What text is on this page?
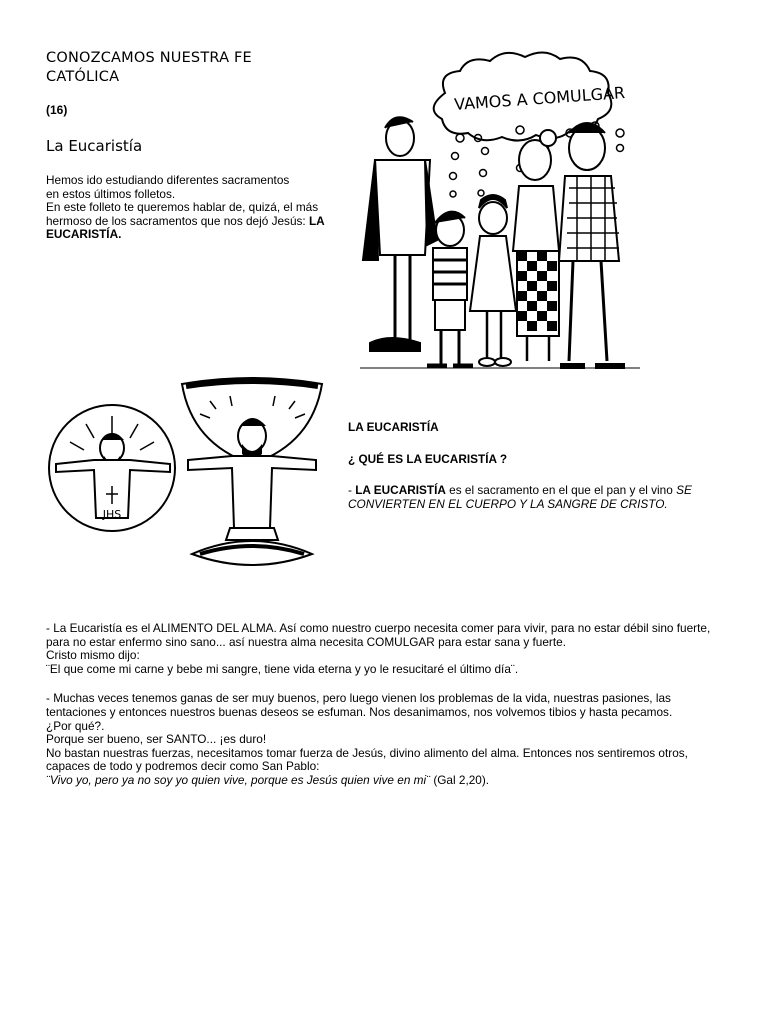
CONOZCAMOS NUESTRA FE
CATÓLICA
(16)
La Eucaristía

Hemos ido estudiando diferentes sacramentos

en estos últimos folletos.

En este folleto te queremos hablar de, quizá, el más hermoso de los sacramentos que nos dejó Jesús: LA EUCARISTÍA.

VAMOS A COMULGAR
JHS

LA EUCARISTÍA

¿ QUÉ ES LA EUCARISTÍA ?

- LA EUCARISTÍA es el sacramento en el que el pan y el vino SE CONVIERTEN EN EL CUERPO Y LA SANGRE DE CRISTO.

- La Eucaristía es el ALIMENTO DEL ALMA. Así como nuestro cuerpo necesita comer para vivir, para no estar débil sino fuerte, para no estar enfermo sino sano... así nuestra alma necesita COMULGAR para estar sana y fuerte.

Cristo mismo dijo:

¨El que come mi carne y bebe mi sangre, tiene vida eterna y yo le resucitaré el último día¨.

- Muchas veces tenemos ganas de ser muy buenos, pero luego vienen los problemas de la vida, nuestras pasiones, las tentaciones y entonces nuestros buenas deseos se esfuman. Nos desanimamos, nos volvemos tibios y hasta pecamos.

¿Por qué?.

Porque ser bueno, ser SANTO... ¡es duro!

No bastan nuestras fuerzas, necesitamos tomar fuerza de Jesús, divino alimento del alma. Entonces nos sentiremos otros, capaces de todo y podremos decir como San Pablo:

¨Vivo yo, pero ya no soy yo quien vive, porque es Jesús quien vive en mi¨ (Gal 2,20).
